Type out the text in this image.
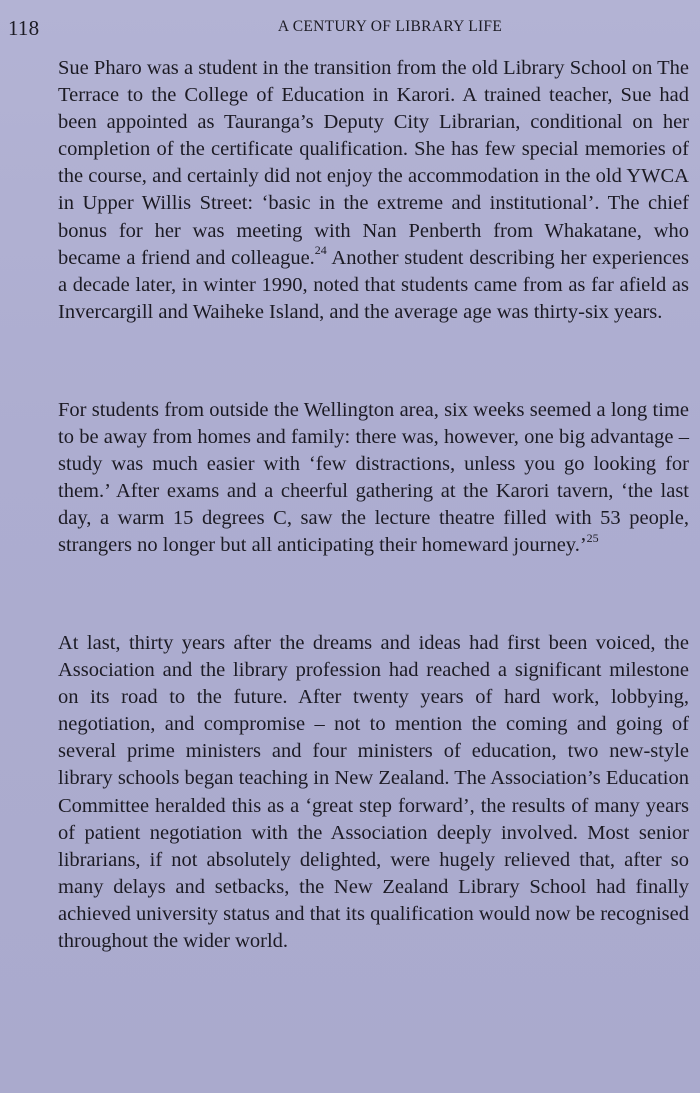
118	A CENTURY OF LIBRARY LIFE

Sue Pharo was a student in the transition from the old Library School on The Terrace to the College of Education in Karori. A trained teacher, Sue had been appointed as Tauranga’s Deputy City Librarian, conditional on her completion of the certificate qualification. She has few special memories of the course, and certainly did not enjoy the accommodation in the old YWCA in Upper Willis Street: ‘basic in the extreme and institutional’. The chief bonus for her was meeting with Nan Penberth from Whakatane, who became a friend and colleague.$^{24}$ Another student describing her experiences a decade later, in winter 1990, noted that students came from as far afield as Invercargill and Waiheke Island, and the average age was thirty-six years.

For students from outside the Wellington area, six weeks seemed a long time to be away from homes and family: there was, however, one big advantage – study was much easier with ‘few distractions, unless you go looking for them.’ After exams and a cheerful gathering at the Karori tavern, ‘the last day, a warm 15 degrees C, saw the lecture theatre filled with 53 people, strangers no longer but all anticipating their homeward journey.’$^{25}$

At last, thirty years after the dreams and ideas had first been voiced, the Association and the library profession had reached a significant milestone on its road to the future. After twenty years of hard work, lobbying, negotiation, and compromise – not to mention the coming and going of several prime ministers and four ministers of education, two new-style library schools began teaching in New Zealand. The Association’s Education Committee heralded this as a ‘great step forward’, the results of many years of patient negotiation with the Association deeply involved. Most senior librarians, if not absolutely delighted, were hugely relieved that, after so many delays and setbacks, the New Zealand Library School had finally achieved university status and that its qualification would now be recognised throughout the wider world.
